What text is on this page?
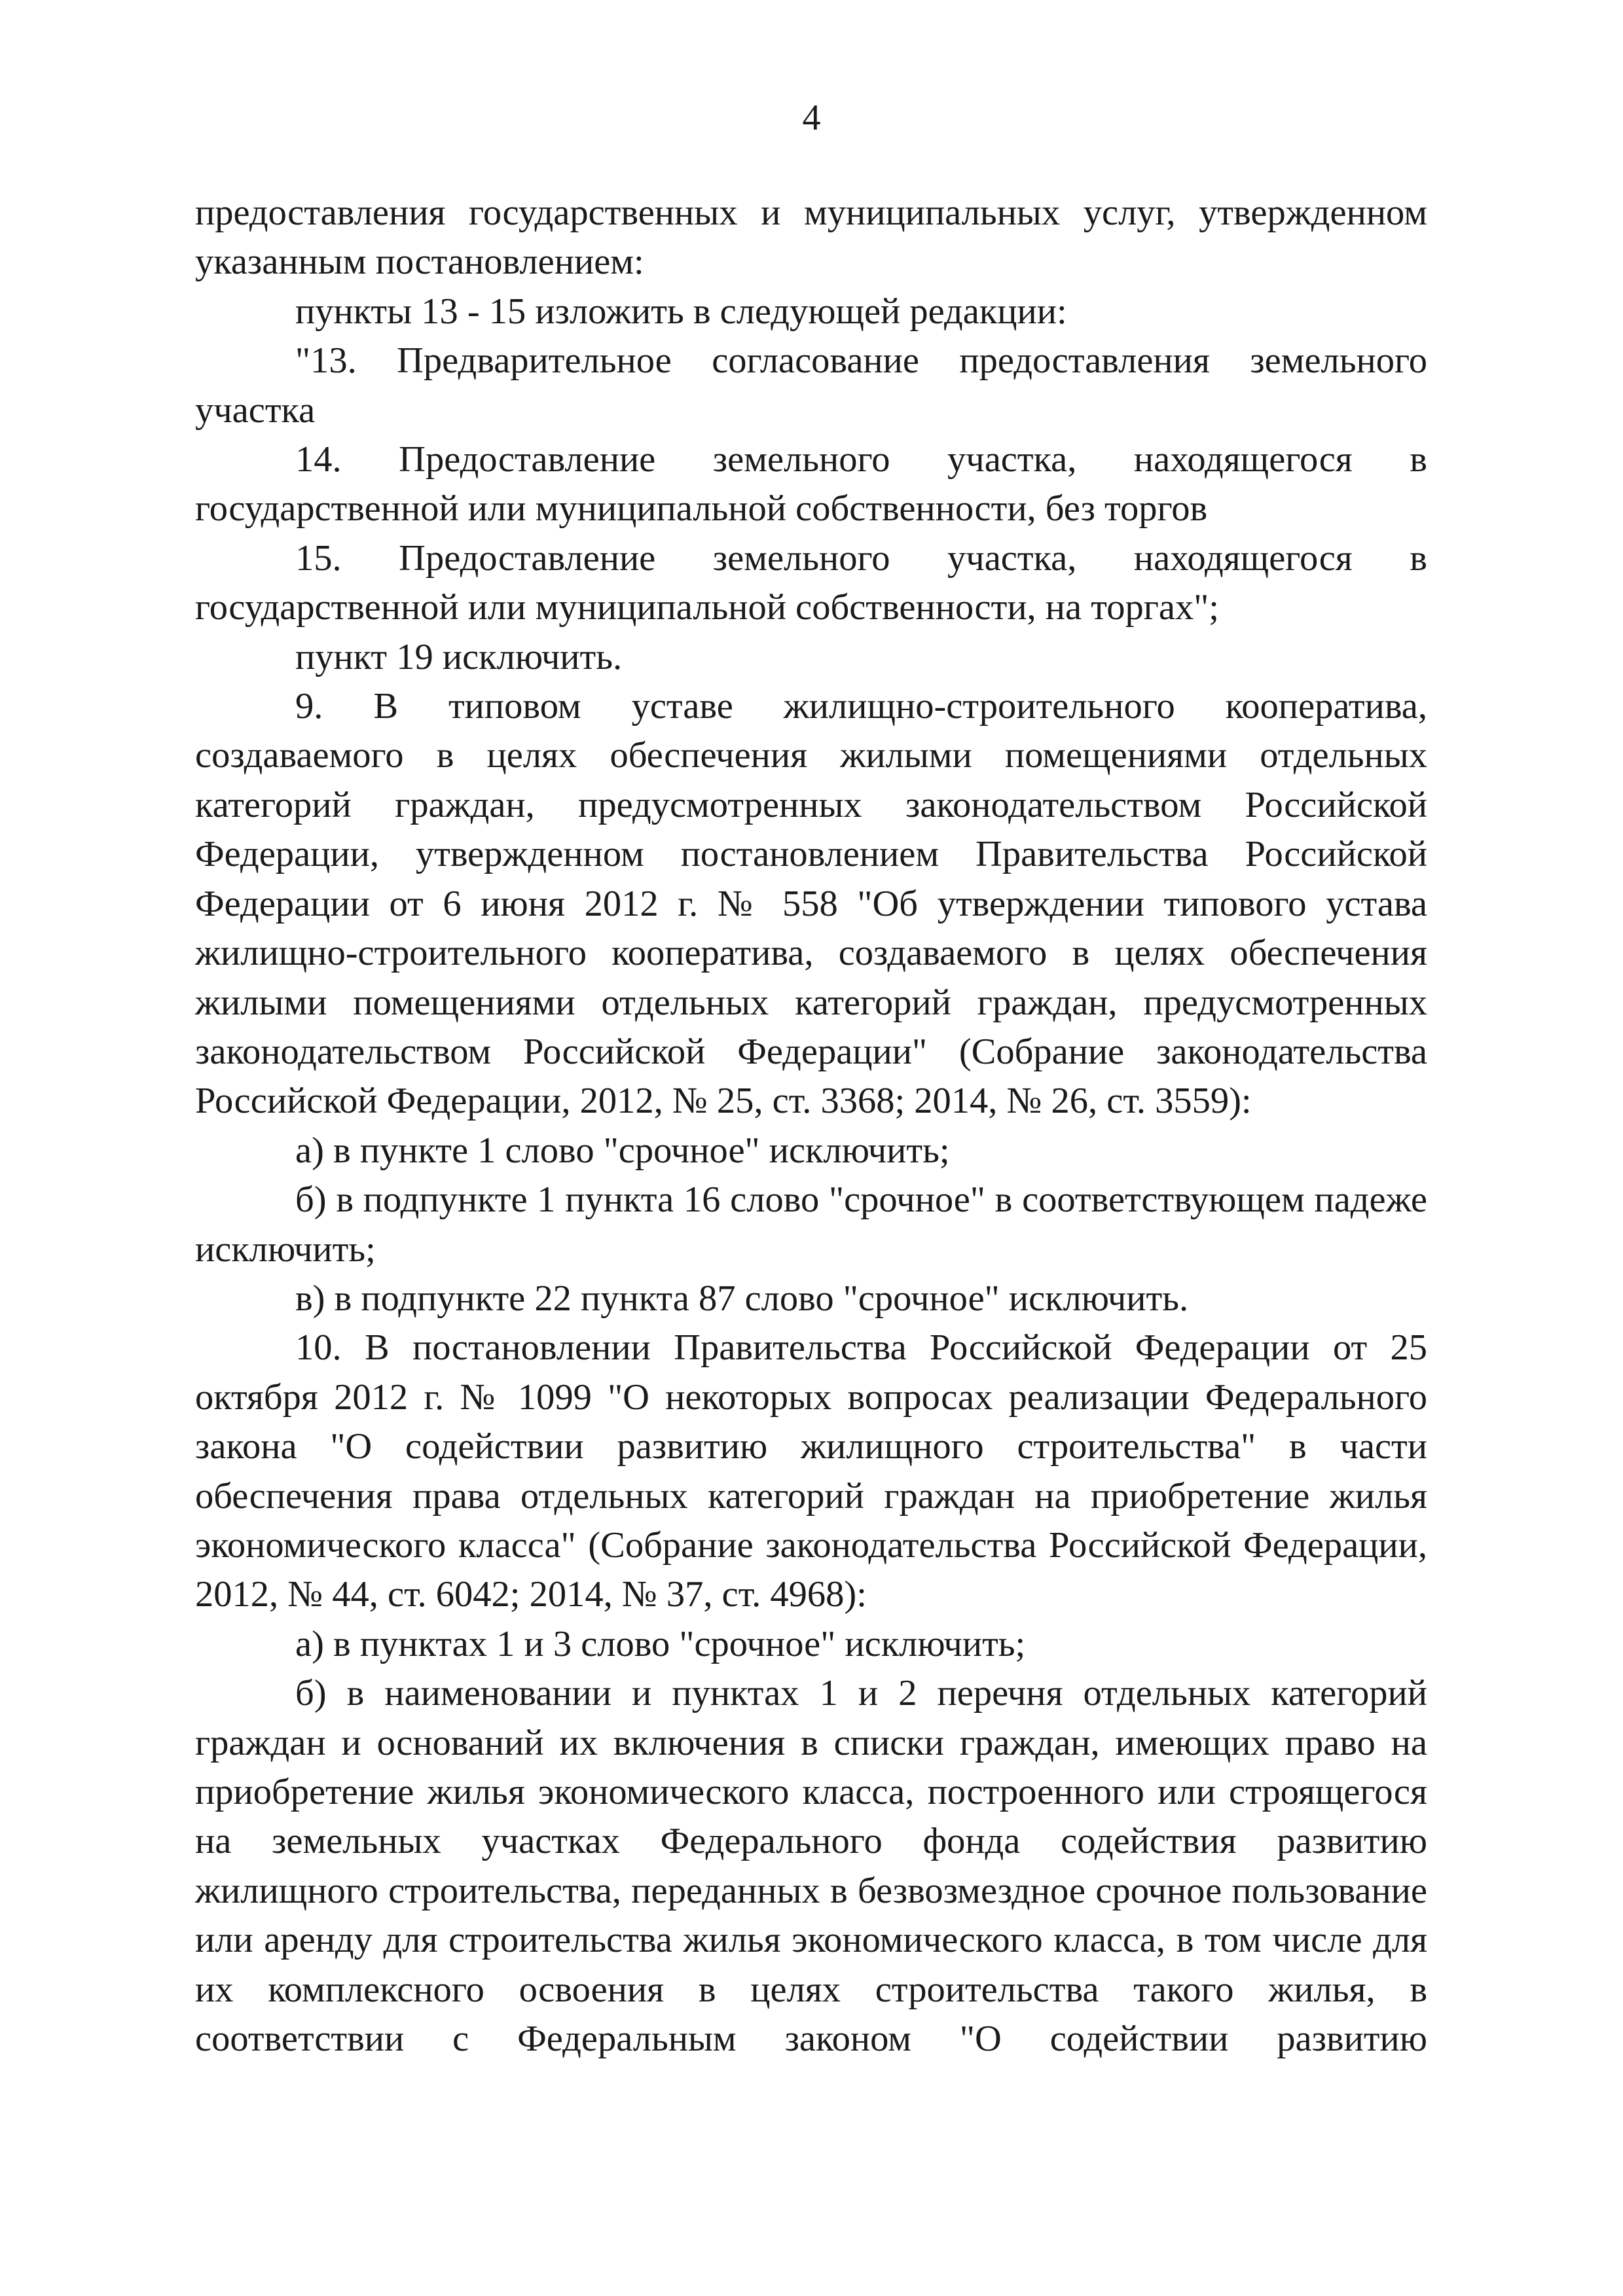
4

предоставления государственных и муниципальных услуг, утвержденном указанным постановлением:

пункты 13 - 15 изложить в следующей редакции:

"13. Предварительное согласование предоставления земельного участка

14. Предоставление земельного участка, находящегося в государственной или муниципальной собственности, без торгов

15. Предоставление земельного участка, находящегося в государственной или муниципальной собственности, на торгах";

пункт 19 исключить.

9. В типовом уставе жилищно-строительного кооператива, создаваемого в целях обеспечения жилыми помещениями отдельных категорий граждан, предусмотренных законодательством Российской Федерации, утвержденном постановлением Правительства Российской Федерации от 6 июня 2012 г. № 558 "Об утверждении типового устава жилищно-строительного кооператива, создаваемого в целях обеспечения жилыми помещениями отдельных категорий граждан, предусмотренных законодательством Российской Федерации" (Собрание законодательства Российской Федерации, 2012, № 25, ст. 3368; 2014, № 26, ст. 3559):

а) в пункте 1 слово "срочное" исключить;

б) в подпункте 1 пункта 16 слово "срочное" в соответствующем падеже исключить;

в) в подпункте 22 пункта 87 слово "срочное" исключить.

10. В постановлении Правительства Российской Федерации от 25 октября 2012 г. № 1099 "О некоторых вопросах реализации Федерального закона "О содействии развитию жилищного строительства" в части обеспечения права отдельных категорий граждан на приобретение жилья экономического класса" (Собрание законодательства Российской Федерации, 2012, № 44, ст. 6042; 2014, № 37, ст. 4968):

а) в пунктах 1 и 3 слово "срочное" исключить;

б) в наименовании и пунктах 1 и 2 перечня отдельных категорий граждан и оснований их включения в списки граждан, имеющих право на приобретение жилья экономического класса, построенного или строящегося на земельных участках Федерального фонда содействия развитию жилищного строительства, переданных в безвозмездное срочное пользование или аренду для строительства жилья экономического класса, в том числе для их комплексного освоения в целях строительства такого жилья, в соответствии с Федеральным законом "О содействии развитию
